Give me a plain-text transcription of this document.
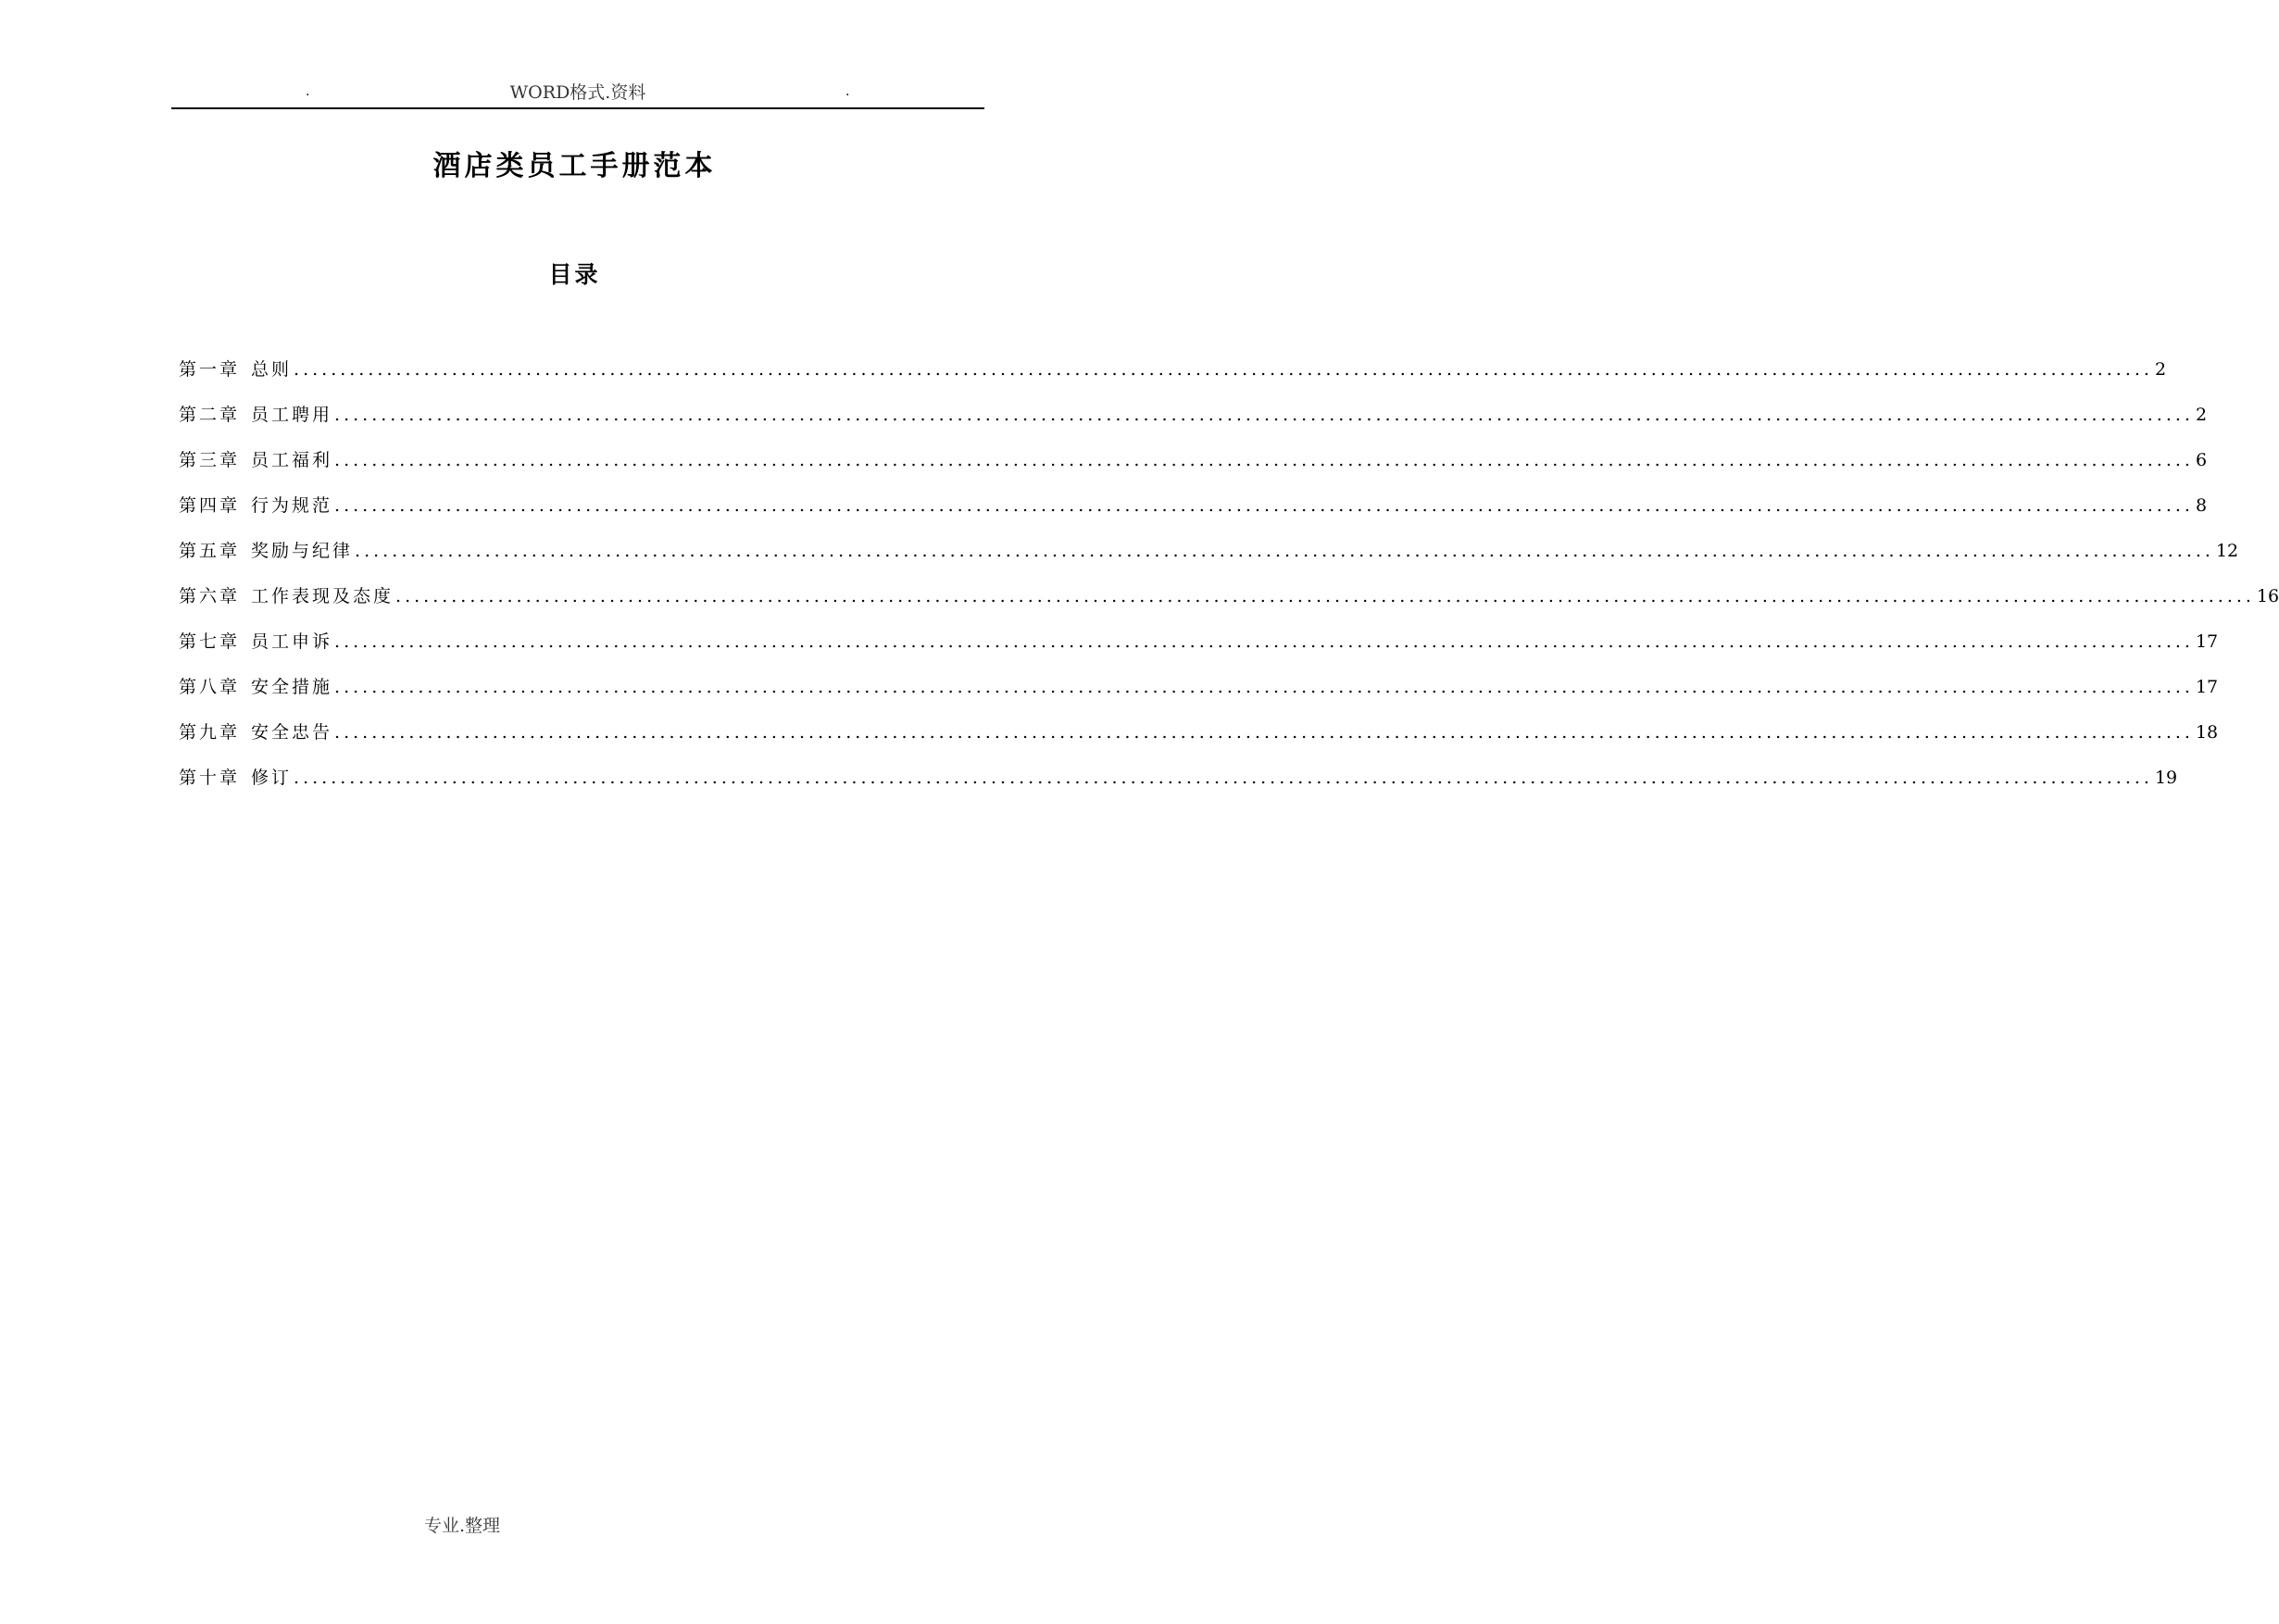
.	WORD格式.资料	.
酒店类员工手册范本
目录
第一章 总则 ........................................................................................................................................................................................................ 2
第二章 员工聘用 ........................................................................................................................................................................................................ 2
第三章 员工福利 ........................................................................................................................................................................................................ 6
第四章 行为规范 ........................................................................................................................................................................................................ 8
第五章 奖励与纪律 ........................................................................................................................................................................................................ 12
第六章 工作表现及态度 ........................................................................................................................................................................................................ 16
第七章 员工申诉 ........................................................................................................................................................................................................ 17
第八章 安全措施 ........................................................................................................................................................................................................ 17
第九章 安全忠告 ........................................................................................................................................................................................................ 18
第十章 修订 ........................................................................................................................................................................................................ 19
专业.整理
